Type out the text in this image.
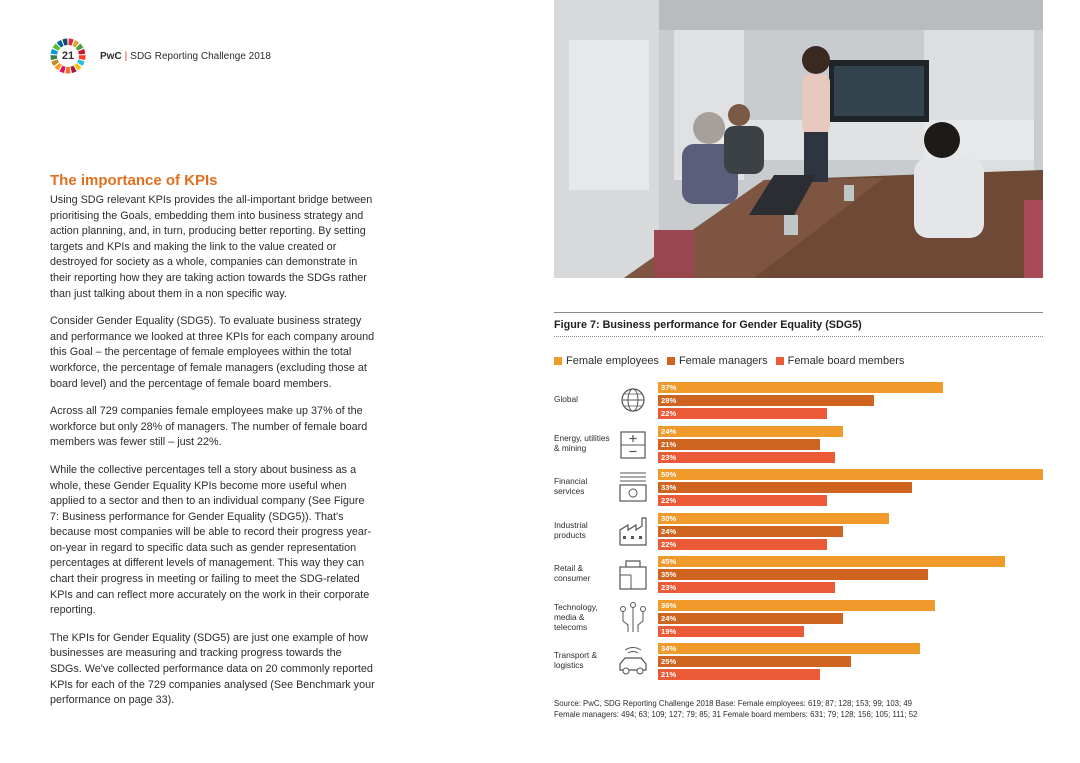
21	PwC | SDG Reporting Challenge 2018
The importance of KPIs

Using SDG relevant KPIs provides the all-important bridge between prioritising the Goals, embedding them into business strategy and action planning, and, in turn, producing better reporting. By setting targets and KPIs and making the link to the value created or destroyed for society as a whole, companies can demonstrate in their reporting how they are taking action towards the SDGs rather than just talking about them in a non specific way.

Consider Gender Equality (SDG5). To evaluate business strategy and performance we looked at three KPIs for each company around this Goal – the percentage of female employees within the total workforce, the percentage of female managers (excluding those at board level) and the percentage of female board members.

Across all 729 companies female employees make up 37% of the workforce but only 28% of managers. The number of female board members was fewer still – just 22%.

While the collective percentages tell a story about business as a whole, these Gender Equality KPIs become more useful when applied to a sector and then to an individual company (See Figure 7: Business performance for Gender Equality (SDG5)). That's because most companies will be able to record their progress year-on-year in regard to specific data such as gender representation percentages at different levels of management. This way they can chart their progress in meeting or failing to meet the SDG-related KPIs and can reflect more accurately on the work in their corporate reporting.

The KPIs for Gender Equality (SDG5) are just one example of how businesses are measuring and tracking progress towards the SDGs. We've collected performance data on 20 commonly reported KPIs for each of the 729 companies analysed (See Benchmark your performance on page 33).

Figure 7: Business performance for Gender Equality (SDG5)
Female employees Female managers Female board members
Global
37%
28%
22%
Energy, utilities & mining
24%
21%
23%
Financial services
50%
33%
22%
Industrial products
30%
24%
22%
Retail & consumer
45%
35%
23%
Technology, media & telecoms
36%
24%
19%
Transport & logistics
34%
25%
21%
Source: PwC, SDG Reporting Challenge 2018 Base: Female employees: 619; 87; 128; 153; 99; 103; 49
Female managers: 494; 63; 109; 127; 79; 85; 31 Female board members: 631; 79; 128; 156; 105; 111; 52
